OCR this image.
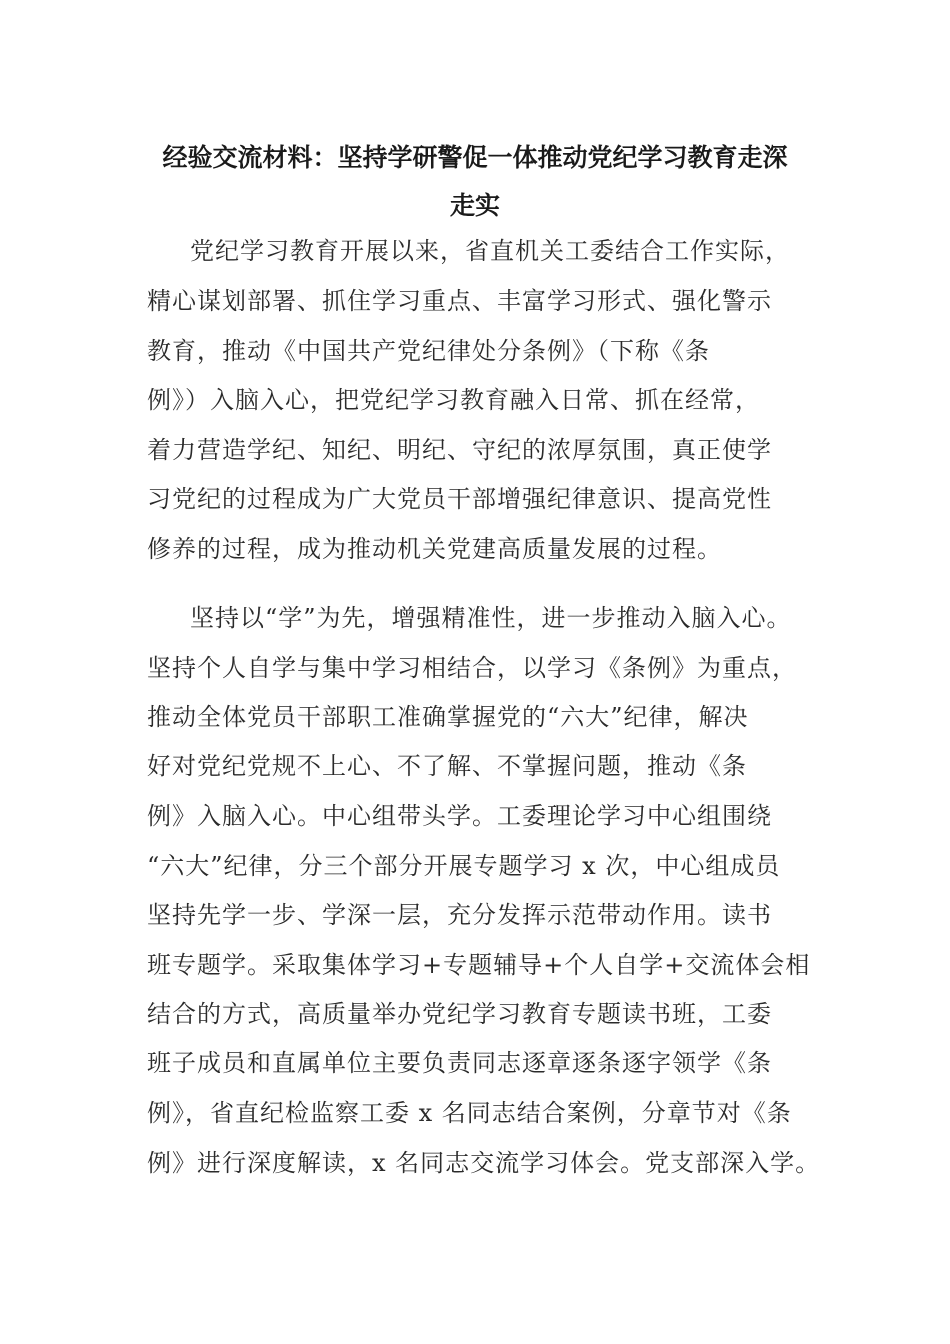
经验交流材料：坚持学研警促一体推动党纪学习教育走深
走实
党纪学习教育开展以来，省直机关工委结合工作实际，
精心谋划部署、抓住学习重点、丰富学习形式、强化警示
教育，推动《中国共产党纪律处分条例》（下称《条
例》）入脑入心，把党纪学习教育融入日常、抓在经常，
着力营造学纪、知纪、明纪、守纪的浓厚氛围，真正使学
习党纪的过程成为广大党员干部增强纪律意识、提高党性
修养的过程，成为推动机关党建高质量发展的过程。
坚持以“学”为先，增强精准性，进一步推动入脑入心。
坚持个人自学与集中学习相结合，以学习《条例》为重点，
推动全体党员干部职工准确掌握党的“六大”纪律，解决
好对党纪党规不上心、不了解、不掌握问题，推动《条
例》入脑入心。中心组带头学。工委理论学习中心组围绕
“六大”纪律，分三个部分开展专题学习 x 次，中心组成员
坚持先学一步、学深一层，充分发挥示范带动作用。读书
班专题学。采取集体学习+专题辅导+个人自学+交流体会相
结合的方式，高质量举办党纪学习教育专题读书班，工委
班子成员和直属单位主要负责同志逐章逐条逐字领学《条
例》，省直纪检监察工委 x 名同志结合案例，分章节对《条
例》进行深度解读，x 名同志交流学习体会。党支部深入学。
